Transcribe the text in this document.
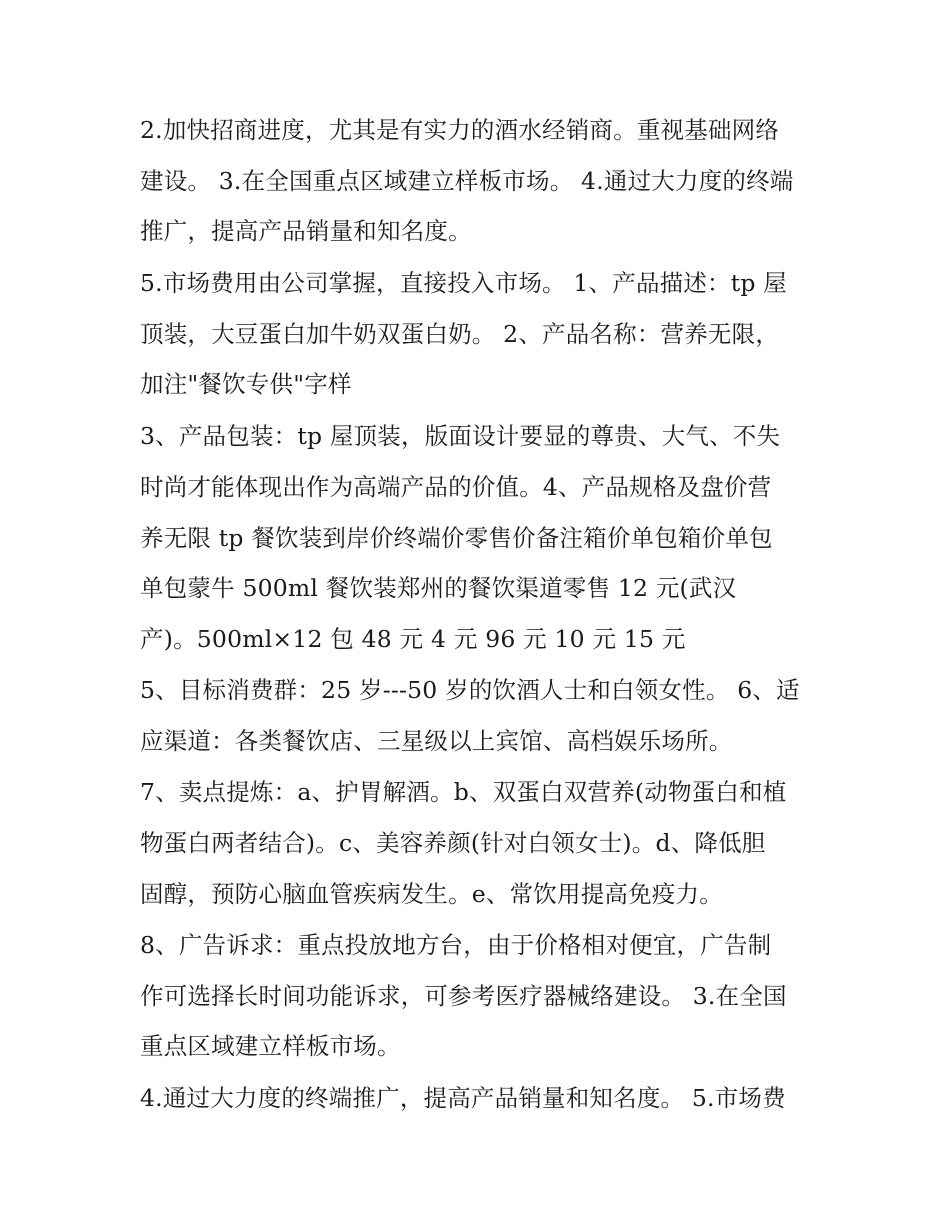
2.加快招商进度，尤其是有实力的酒水经销商。重视基础网络
建设。 3.在全国重点区域建立样板市场。 4.通过大力度的终端
推广，提高产品销量和知名度。
5.市场费用由公司掌握，直接投入市场。 1、产品描述：tp 屋
顶装，大豆蛋白加牛奶双蛋白奶。 2、产品名称：营养无限，
加注"餐饮专供"字样
3、产品包装：tp 屋顶装，版面设计要显的尊贵、大气、不失
时尚才能体现出作为高端产品的价值。4、产品规格及盘价营
养无限 tp 餐饮装到岸价终端价零售价备注箱价单包箱价单包
单包蒙牛 500ml 餐饮装郑州的餐饮渠道零售 12 元(武汉
产)。500ml×12 包 48 元 4 元 96 元 10 元 15 元
5、目标消费群：25 岁---50 岁的饮酒人士和白领女性。 6、适
应渠道：各类餐饮店、三星级以上宾馆、高档娱乐场所。
7、卖点提炼：a、护胃解酒。b、双蛋白双营养(动物蛋白和植
物蛋白两者结合)。c、美容养颜(针对白领女士)。d、降低胆
固醇，预防心脑血管疾病发生。e、常饮用提高免疫力。
8、广告诉求：重点投放地方台，由于价格相对便宜，广告制
作可选择长时间功能诉求，可参考医疗器械络建设。 3.在全国
重点区域建立样板市场。
4.通过大力度的终端推广，提高产品销量和知名度。 5.市场费
